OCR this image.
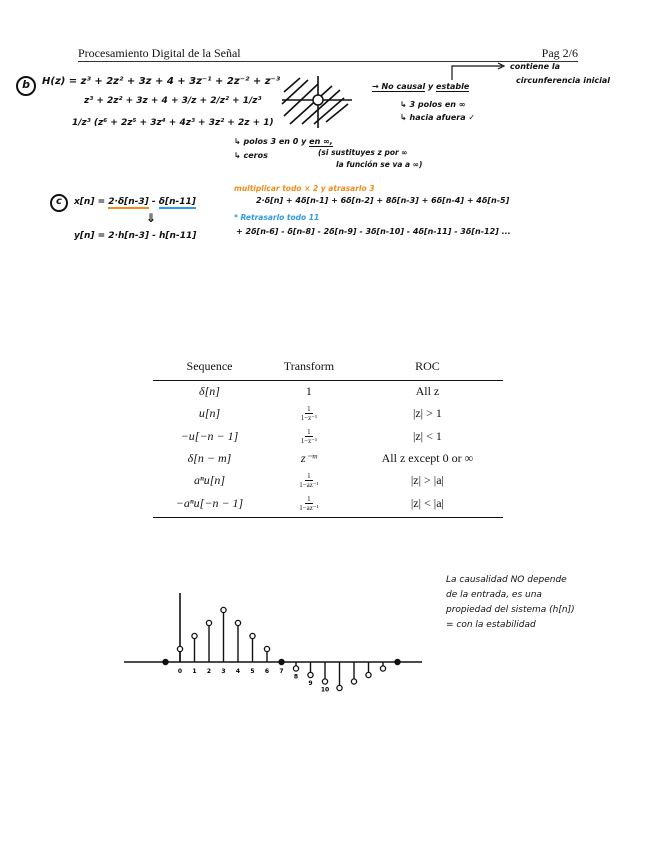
Procesamiento Digital de la Señal	Pag 2/6
b	H(z) = z³ + 2z² + 3z + 4 + 3z⁻¹ + 2z⁻² + z⁻³
z³ + 2z² + 3z + 4 + 3/z + 2/z² + 1/z³
1/z³ (z⁶ + 2z⁵ + 3z⁴ + 4z³ + 3z² + 2z + 1)
→ No causal y estable
contiene la
circunferencia inicial
↳ 3 polos en ∞
↳ hacia afuera ✓
↳ polos 3 en 0 y en ∞,
↳ ceros	(si sustituyes z por ∞
la función se va a ∞)
c	x[n] = 2·δ[n-3] - δ[n-11]
⇓
y[n] = 2·h[n-3] - h[n-11]
multiplicar todo × 2 y atrasarlo 3
2·δ[n] + 4δ[n-1] + 6δ[n-2] + 8δ[n-3] + 6δ[n-4] + 4δ[n-5]
* Retrasarlo todo 11
+ 2δ[n-6] - δ[n-8] - 2δ[n-9] - 3δ[n-10] - 4δ[n-11] - 3δ[n-12] ...
Sequence	Transform	ROC
δ[n]	1	All z
u[n]	$\frac{1}{\text{1−z⁻¹}}$	|z| > 1
−u[−n − 1]	$\frac{1}{\text{1−z⁻¹}}$	|z| < 1
δ[n − m]	z⁻ᵐ	All z except 0 or ∞
aⁿu[n]	$\frac{1}{\text{1−az⁻¹}}$	|z| > |a|
−aⁿu[−n − 1]	$\frac{1}{\text{1−az⁻¹}}$	|z| < |a|
0 1 2 3 4 5 6 7
8
9
10
La causalidad NO depende
de la entrada, es una
propiedad del sistema (h[n])
= con la estabilidad
